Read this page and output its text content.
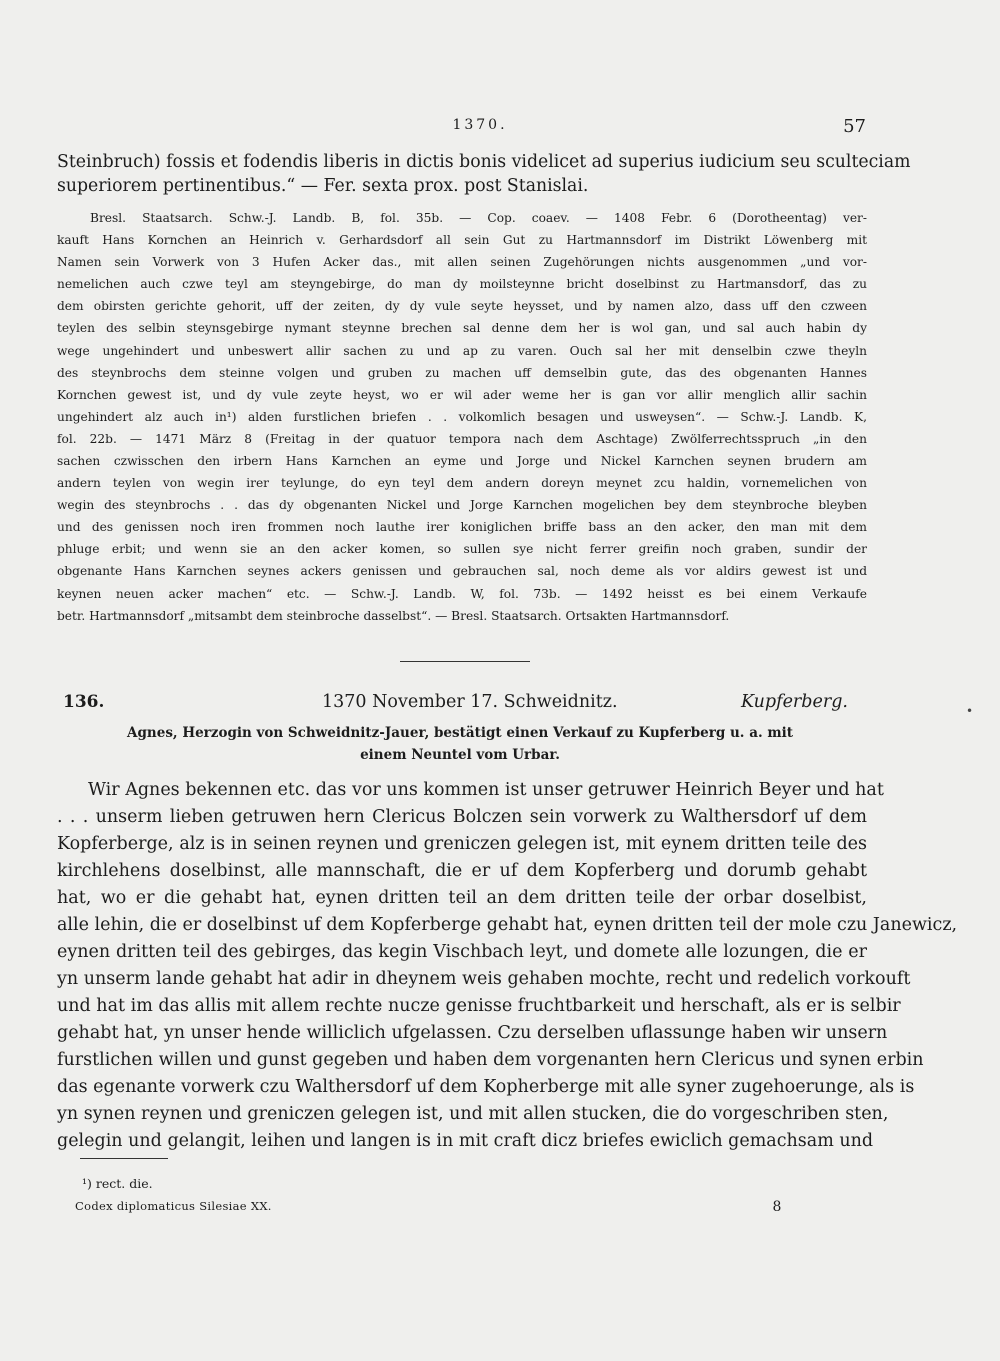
1370.	57
Steinbruch) fossis et fodendis liberis in dictis bonis videlicet ad superius iudicium seu sculteciam
superiorem pertinentibus.“ — Fer. sexta prox. post Stanislai.
Bresl. Staatsarch. Schw.-J. Landb. B, fol. 35b. — Cop. coaev. — 1408 Febr. 6 (Dorotheentag) ver-
kauft Hans Kornchen an Heinrich v. Gerhardsdorf all sein Gut zu Hartmannsdorf im Distrikt Löwenberg mit
Namen sein Vorwerk von 3 Hufen Acker das., mit allen seinen Zugehörungen nichts ausgenommen „und vor-
nemelichen auch czwe teyl am steyngebirge, do man dy moilsteynne bricht doselbinst zu Hartmansdorf, das zu
dem obirsten gerichte gehorit, uff der zeiten, dy dy vule seyte heysset, und by namen alzo, dass uff den czween
teylen des selbin steynsgebirge nymant steynne brechen sal denne dem her is wol gan, und sal auch habin dy
wege ungehindert und unbeswert allir sachen zu und ap zu varen. Ouch sal her mit denselbin czwe theyln
des steynbrochs dem steinne volgen und gruben zu machen uff demselbin gute, das des obgenanten Hannes
Kornchen gewest ist, und dy vule zeyte heyst, wo er wil ader weme her is gan vor allir menglich allir sachin
ungehindert alz auch in¹) alden furstlichen briefen . . volkomlich besagen und usweysen“. — Schw.-J. Landb. K,
fol. 22b. — 1471 März 8 (Freitag in der quatuor tempora nach dem Aschtage) Zwölferrechtsspruch „in den
sachen czwisschen den irbern Hans Karnchen an eyme und Jorge und Nickel Karnchen seynen brudern am
andern teylen von wegin irer teylunge, do eyn teyl dem andern doreyn meynet zcu haldin, vornemelichen von
wegin des steynbrochs . . das dy obgenanten Nickel und Jorge Karnchen mogelichen bey dem steynbroche bleyben
und des genissen noch iren frommen noch lauthe irer koniglichen briffe bass an den acker, den man mit dem
phluge erbit; und wenn sie an den acker komen, so sullen sye nicht ferrer greifin noch graben, sundir der
obgenante Hans Karnchen seynes ackers genissen und gebrauchen sal, noch deme als vor aldirs gewest ist und
keynen neuen acker machen“ etc. — Schw.-J. Landb. W, fol. 73b. — 1492 heisst es bei einem Verkaufe
betr. Hartmannsdorf „mitsambt dem steinbroche dasselbst“. — Bresl. Staatsarch. Ortsakten Hartmannsdorf.
136.	1370 November 17. Schweidnitz.	Kupferberg.
Agnes, Herzogin von Schweidnitz-Jauer, bestätigt einen Verkauf zu Kupferberg u. a. mit
einem Neuntel vom Urbar.
Wir Agnes bekennen etc. das vor uns kommen ist unser getruwer Heinrich Beyer und hat
. . . unserm lieben getruwen hern Clericus Bolczen sein vorwerk zu Walthersdorf uf dem
Kopferberge, alz is in seinen reynen und greniczen gelegen ist, mit eynem dritten teile des
kirchlehens doselbinst, alle mannschaft, die er uf dem Kopferberg und dorumb gehabt
hat, wo er die gehabt hat, eynen dritten teil an dem dritten teile der orbar doselbist,
alle lehin, die er doselbinst uf dem Kopferberge gehabt hat, eynen dritten teil der mole czu Janewicz,
eynen dritten teil des gebirges, das kegin Vischbach leyt, und domete alle lozungen, die er
yn unserm lande gehabt hat adir in dheynem weis gehaben mochte, recht und redelich vorkouft
und hat im das allis mit allem rechte nucze genisse fruchtbarkeit und herschaft, als er is selbir
gehabt hat, yn unser hende williclich ufgelassen. Czu derselben uflassunge haben wir unsern
furstlichen willen und gunst gegeben und haben dem vorgenanten hern Clericus und synen erbin
das egenante vorwerk czu Walthersdorf uf dem Kopherberge mit alle syner zugehoerunge, als is
yn synen reynen und greniczen gelegen ist, und mit allen stucken, die do vorgeschriben sten,
gelegin und gelangit, leihen und langen is in mit craft dicz briefes ewiclich gemachsam und
¹) rect. die.
Codex diplomaticus Silesiae XX.	8
•
